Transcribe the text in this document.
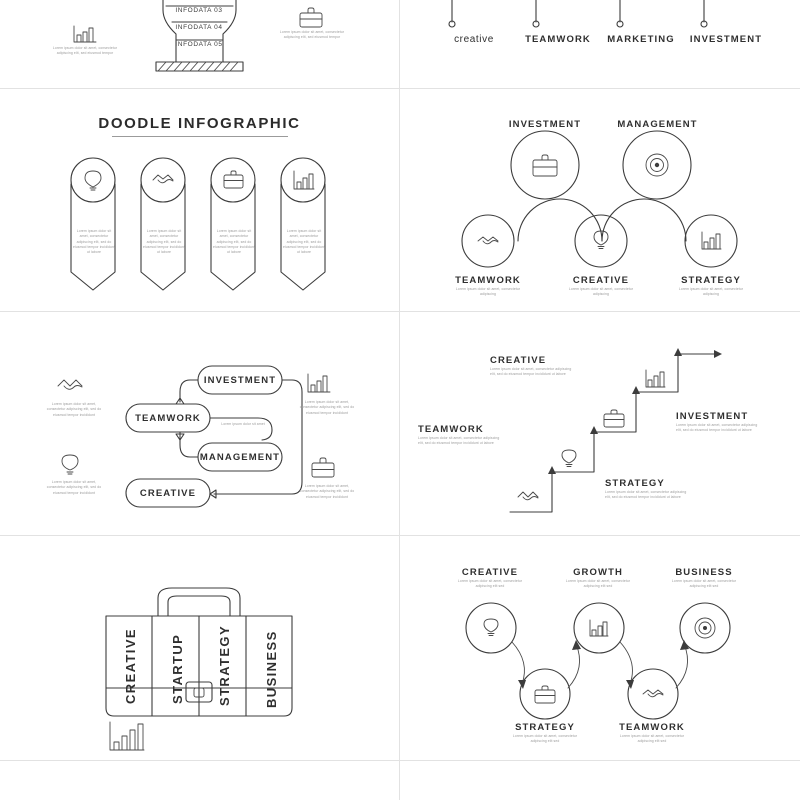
INFODATA 03
INFODATA 04
INFODATA 05
Lorem ipsum dolor sit amet, consectetur adipiscing elit, sed eiusmod tempor
Lorem ipsum dolor sit amet, consectetur adipiscing elit, sed eiusmod tempor	creative	TEAMWORK	MARKETING	INVESTMENT
DOODLE INFOGRAPHIC
Lorem ipsum dolor sit amet, consectetur adipiscing elit, sed do eiusmod tempor incididunt ut labore
Lorem ipsum dolor sit amet, consectetur adipiscing elit, sed do eiusmod tempor incididunt ut labore
Lorem ipsum dolor sit amet, consectetur adipiscing elit, sed do eiusmod tempor incididunt ut labore
Lorem ipsum dolor sit amet, consectetur adipiscing elit, sed do eiusmod tempor incididunt ut labore
INVESTMENT	MANAGEMENT
TEAMWORK	CREATIVE	STRATEGY
Lorem ipsum dolor sit amet, consectetur adipiscing
Lorem ipsum dolor sit amet, consectetur adipiscing
Lorem ipsum dolor sit amet, consectetur adipiscing
INVESTMENT
TEAMWORK
MANAGEMENT
CREATIVE
Lorem ipsum dolor sit amet
Lorem ipsum dolor sit amet, consectetur adipiscing elit, sed do eiusmod tempor incididunt
Lorem ipsum dolor sit amet, consectetur adipiscing elit, sed do eiusmod tempor incididunt
Lorem ipsum dolor sit amet, consectetur adipiscing elit, sed do eiusmod tempor incididunt
Lorem ipsum dolor sit amet, consectetur adipiscing elit, sed do eiusmod tempor incididunt
TEAMWORK
Lorem ipsum dolor sit amet, consectetur adipiscing elit, sed do eiusmod tempor incididunt ut labore
STRATEGY
Lorem ipsum dolor sit amet, consectetur adipiscing elit, sed do eiusmod tempor incididunt ut labore
CREATIVE
Lorem ipsum dolor sit amet, consectetur adipiscing elit, sed do eiusmod tempor incididunt ut labore
INVESTMENT
Lorem ipsum dolor sit amet, consectetur adipiscing elit, sed do eiusmod tempor incididunt ut labore
CREATIVE STARTUP STRATEGY BUSINESS
CREATIVE
Lorem ipsum dolor sit amet, consectetur adipiscing elit sed
GROWTH
Lorem ipsum dolor sit amet, consectetur adipiscing elit sed
BUSINESS
Lorem ipsum dolor sit amet, consectetur adipiscing elit sed
STRATEGY
Lorem ipsum dolor sit amet, consectetur adipiscing elit sed
TEAMWORK
Lorem ipsum dolor sit amet, consectetur adipiscing elit sed
